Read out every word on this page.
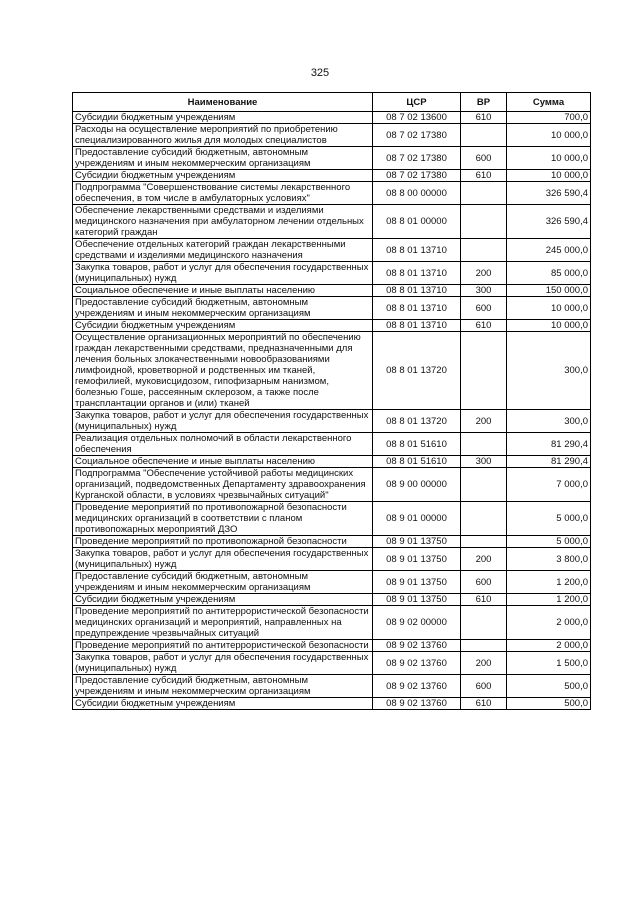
325
Наименование	ЦСР	ВР	Сумма
Субсидии бюджетным учреждениям	08 7 02 13600	610	700,0
Расходы на осуществление мероприятий по приобретению специализированного жилья для молодых специалистов	08 7 02 17380		10 000,0
Предоставление субсидий бюджетным, автономным учреждениям и иным некоммерческим организациям	08 7 02 17380	600	10 000,0
Субсидии бюджетным учреждениям	08 7 02 17380	610	10 000,0
Подпрограмма "Совершенствование системы лекарственного обеспечения, в том числе в амбулаторных условиях"	08 8 00 00000		326 590,4
Обеспечение лекарственными средствами и изделиями медицинского назначения при амбулаторном лечении отдельных категорий граждан	08 8 01 00000		326 590,4
Обеспечение отдельных категорий граждан лекарственными средствами и изделиями медицинского назначения	08 8 01 13710		245 000,0
Закупка товаров, работ и услуг для обеспечения государственных (муниципальных) нужд	08 8 01 13710	200	85 000,0
Социальное обеспечение и иные выплаты населению	08 8 01 13710	300	150 000,0
Предоставление субсидий бюджетным, автономным учреждениям и иным некоммерческим организациям	08 8 01 13710	600	10 000,0
Субсидии бюджетным учреждениям	08 8 01 13710	610	10 000,0
Осуществление организационных мероприятий по обеспечению граждан лекарственными средствами, предназначенными для лечения больных злокачественными новообразованиями лимфоидной, кроветворной и родственных им тканей, гемофилией, муковисцидозом, гипофизарным нанизмом, болезнью Гоше, рассеянным склерозом, а также после трансплантации органов и (или) тканей	08 8 01 13720		300,0
Закупка товаров, работ и услуг для обеспечения государственных (муниципальных) нужд	08 8 01 13720	200	300,0
Реализация отдельных полномочий в области лекарственного обеспечения	08 8 01 51610		81 290,4
Социальное обеспечение и иные выплаты населению	08 8 01 51610	300	81 290,4
Подпрограмма "Обеспечение устойчивой работы медицинских организаций, подведомственных Департаменту здравоохранения Курганской области, в условиях чрезвычайных ситуаций"	08 9 00 00000		7 000,0
Проведение мероприятий по противопожарной безопасности медицинских организаций в соответствии с планом противопожарных мероприятий ДЗО	08 9 01 00000		5 000,0
Проведение мероприятий по противопожарной безопасности	08 9 01 13750		5 000,0
Закупка товаров, работ и услуг для обеспечения государственных (муниципальных) нужд	08 9 01 13750	200	3 800,0
Предоставление субсидий бюджетным, автономным учреждениям и иным некоммерческим организациям	08 9 01 13750	600	1 200,0
Субсидии бюджетным учреждениям	08 9 01 13750	610	1 200,0
Проведение мероприятий по антитеррористической безопасности медицинских организаций и мероприятий, направленных на предупреждение чрезвычайных ситуаций	08 9 02 00000		2 000,0
Проведение мероприятий по антитеррористической безопасности	08 9 02 13760		2 000,0
Закупка товаров, работ и услуг для обеспечения государственных (муниципальных) нужд	08 9 02 13760	200	1 500,0
Предоставление субсидий бюджетным, автономным учреждениям и иным некоммерческим организациям	08 9 02 13760	600	500,0
Субсидии бюджетным учреждениям	08 9 02 13760	610	500,0
